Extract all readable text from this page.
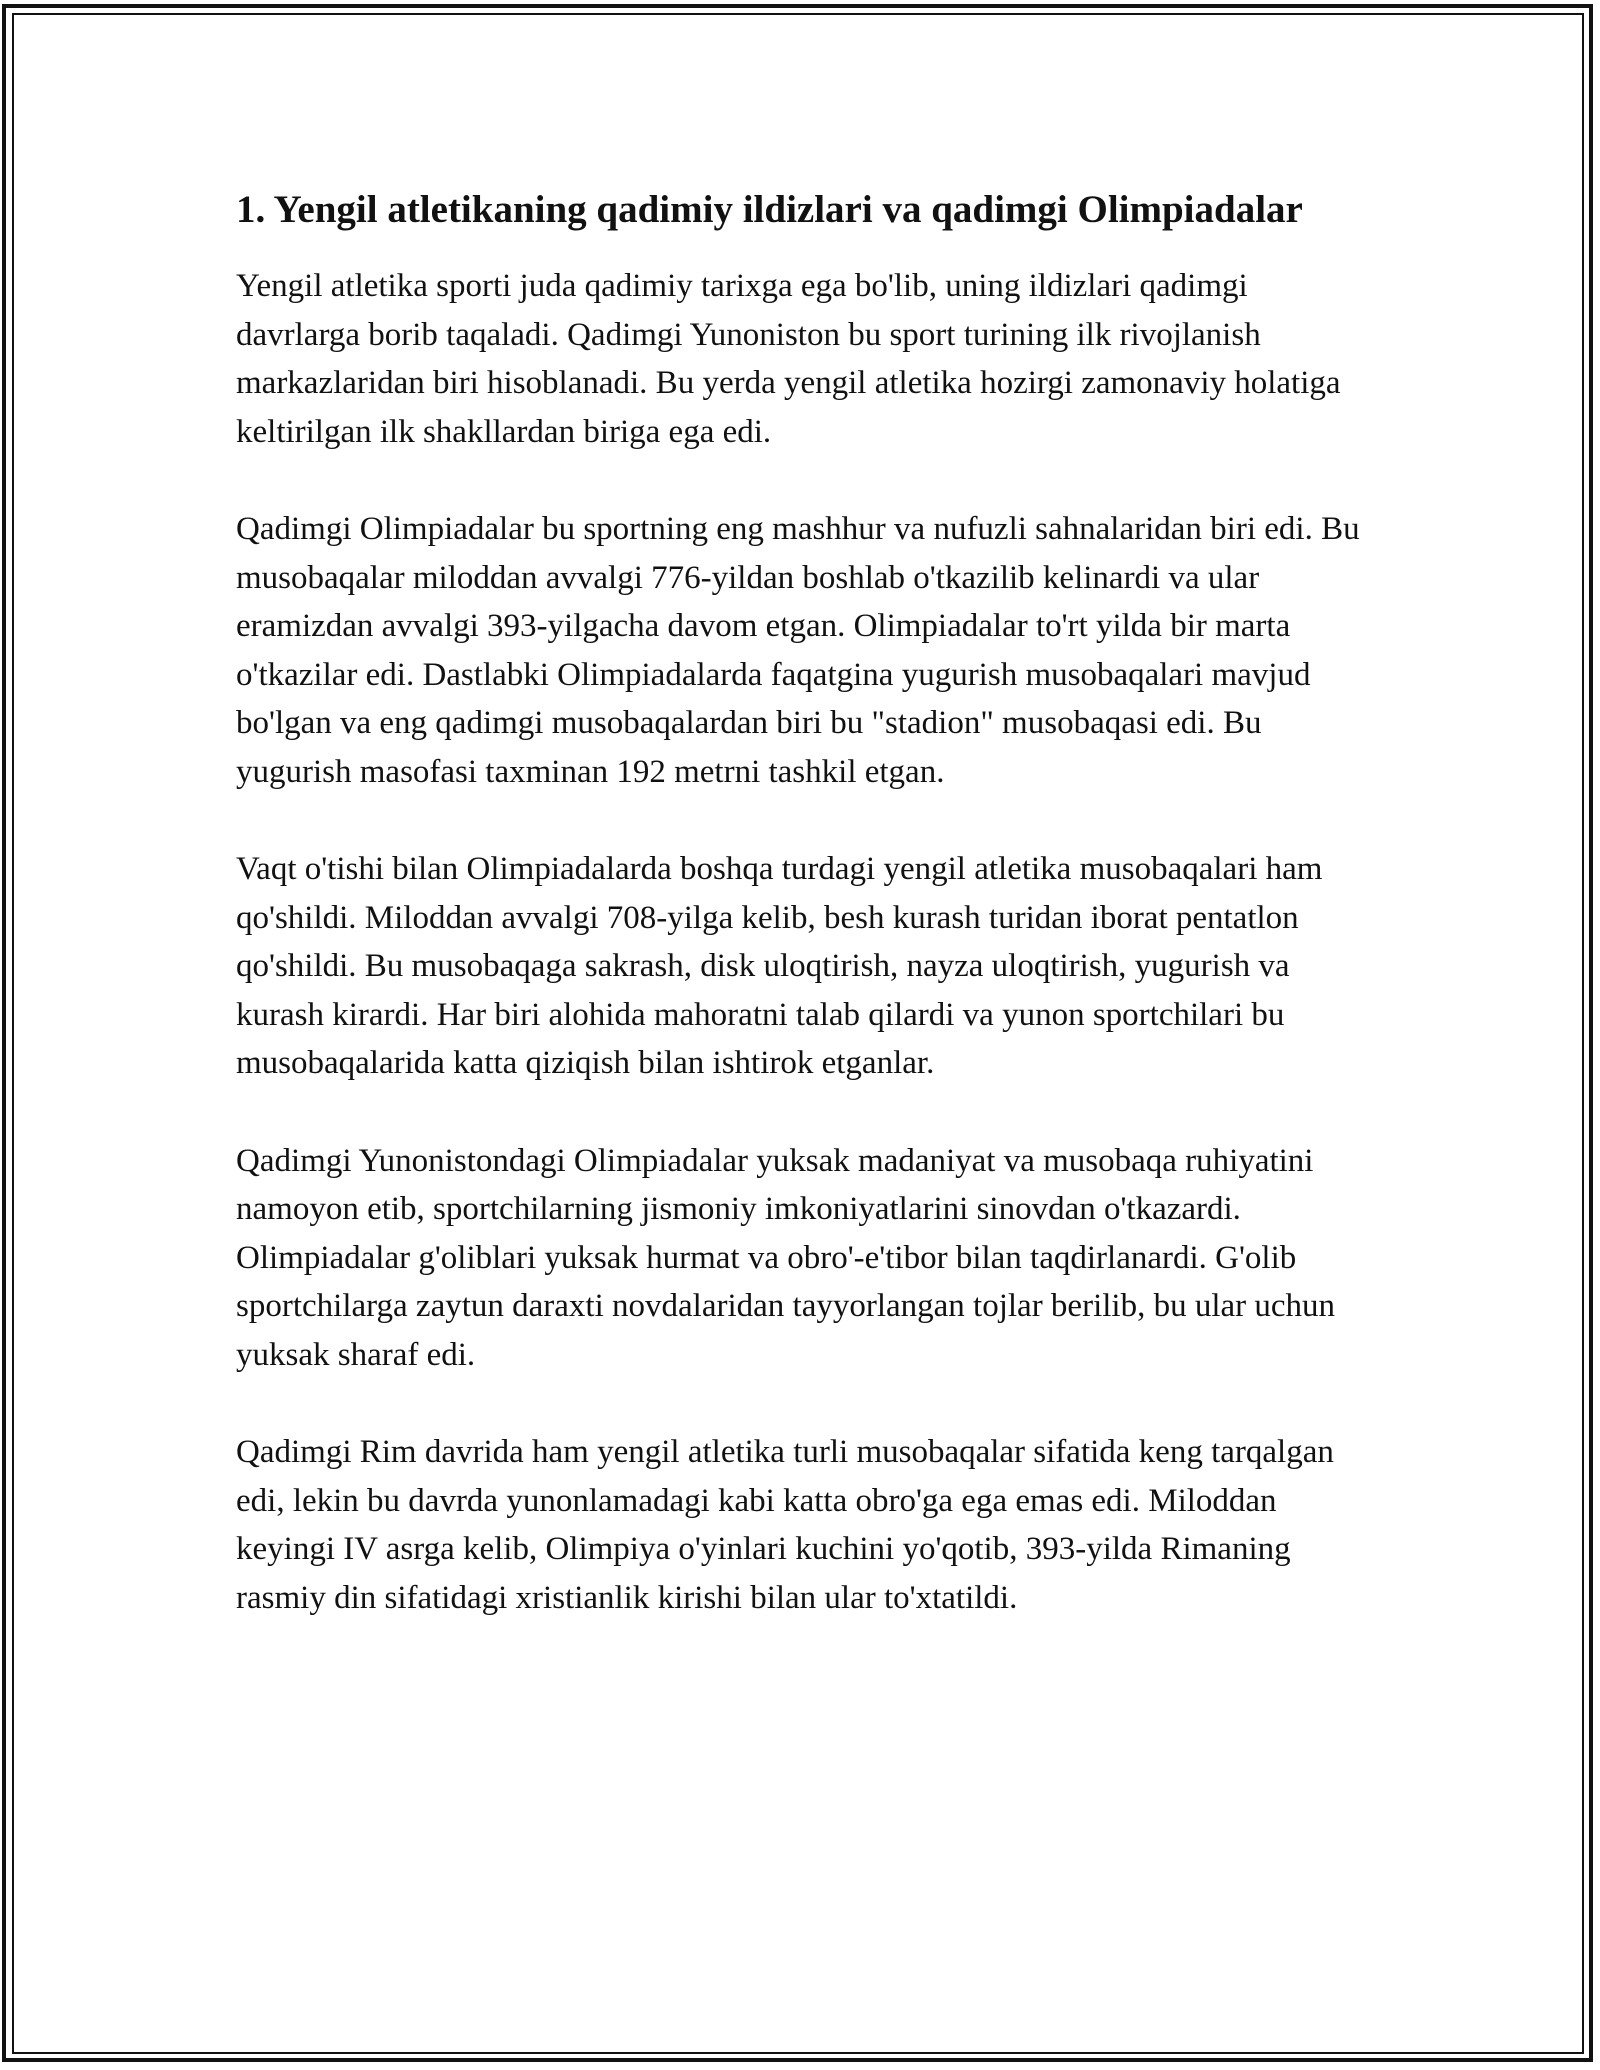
1. Yengil atletikaning qadimiy ildizlari va qadimgi Olimpiadalar

Yengil atletika sporti juda qadimiy tarixga ega bo'lib, uning ildizlari qadimgi davrlarga borib taqaladi. Qadimgi Yunoniston bu sport turining ilk rivojlanish markazlaridan biri hisoblanadi. Bu yerda yengil atletika hozirgi zamonaviy holatiga keltirilgan ilk shakllardan biriga ega edi.

Qadimgi Olimpiadalar bu sportning eng mashhur va nufuzli sahnalaridan biri edi. Bu musobaqalar miloddan avvalgi 776-yildan boshlab o'tkazilib kelinardi va ular eramizdan avvalgi 393-yilgacha davom etgan. Olimpiadalar to'rt yilda bir marta o'tkazilar edi. Dastlabki Olimpiadalarda faqatgina yugurish musobaqalari mavjud bo'lgan va eng qadimgi musobaqalardan biri bu "stadion" musobaqasi edi. Bu yugurish masofasi taxminan 192 metrni tashkil etgan.

Vaqt o'tishi bilan Olimpiadalarda boshqa turdagi yengil atletika musobaqalari ham qo'shildi. Miloddan avvalgi 708-yilga kelib, besh kurash turidan iborat pentatlon qo'shildi. Bu musobaqaga sakrash, disk uloqtirish, nayza uloqtirish, yugurish va kurash kirardi. Har biri alohida mahoratni talab qilardi va yunon sportchilari bu musobaqalarida katta qiziqish bilan ishtirok etganlar.

Qadimgi Yunonistondagi Olimpiadalar yuksak madaniyat va musobaqa ruhiyatini namoyon etib, sportchilarning jismoniy imkoniyatlarini sinovdan o'tkazardi. Olimpiadalar g'oliblari yuksak hurmat va obro'-e'tibor bilan taqdirlanardi. G'olib sportchilarga zaytun daraxti novdalaridan tayyorlangan tojlar berilib, bu ular uchun yuksak sharaf edi.

Qadimgi Rim davrida ham yengil atletika turli musobaqalar sifatida keng tarqalgan edi, lekin bu davrda yunonlamadagi kabi katta obro'ga ega emas edi. Miloddan keyingi IV asrga kelib, Olimpiya o'yinlari kuchini yo'qotib, 393-yilda Rimaning rasmiy din sifatidagi xristianlik kirishi bilan ular to'xtatildi.
